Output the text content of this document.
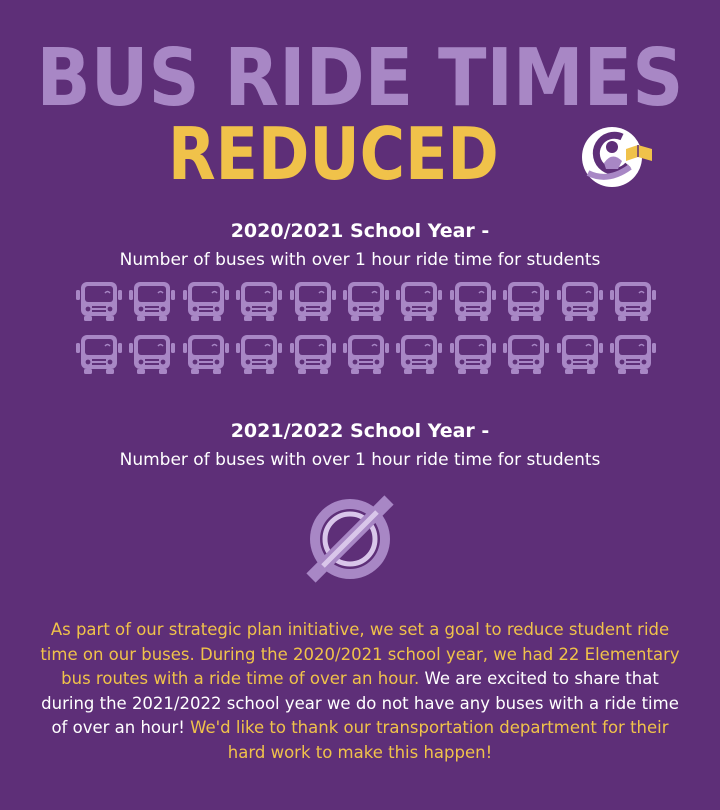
BUS RIDE TIMES
REDUCED
2020/2021 School Year -
Number of buses with over 1 hour ride time for students
2021/2022 School Year -
Number of buses with over 1 hour ride time for students
As part of our strategic plan initiative, we set a goal to reduce student ride time on our buses. During the 2020/2021 school year, we had 22 Elementary bus routes with a ride time of over an hour. We are excited to share that during the 2021/2022 school year we do not have any buses with a ride time of over an hour! We'd like to thank our transportation department for their hard work to make this happen!
